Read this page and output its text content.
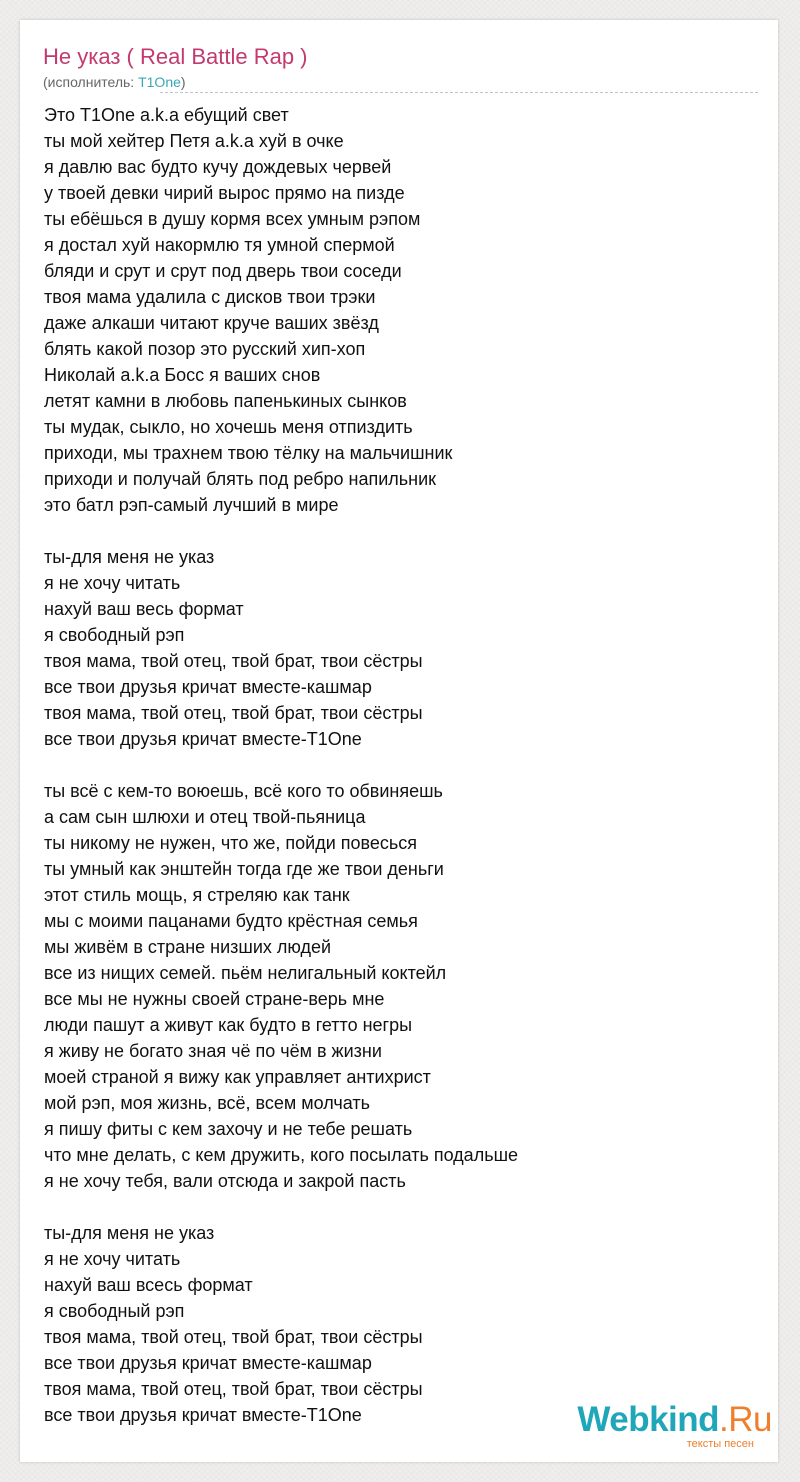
Не указ ( Real Battle Rap )
(исполнитель: T1One)
Это T1One a.k.a ебущий свет
ты мой хейтер Петя a.k.a хуй в очке
я давлю вас будто кучу дождевых червей
у твоей девки чирий вырос прямо на пизде
ты ебёшься в душу кормя всех умным рэпом
я достал хуй накормлю тя умной спермой
бляди и срут и срут под дверь твои соседи
твоя мама удалила с дисков твои трэки
даже алкаши читают круче ваших звёзд
блять какой позор это русский хип-хоп
Николай a.k.a Босс я ваших снов
летят камни в любовь папенькиных сынков
ты мудак, сыкло, но хочешь меня отпиздить
приходи, мы трахнем твою тёлку на мальчишник
приходи и получай блять под ребро напильник
это батл рэп-самый лучший в мире
ты-для меня не указ
я не хочу читать
нахуй ваш весь формат
я свободный рэп
твоя мама, твой отец, твой брат, твои сёстры
все твои друзья кричат вместе-кашмар
твоя мама, твой отец, твой брат, твои сёстры
все твои друзья кричат вместе-T1One
ты всё с кем-то воюешь, всё кого то обвиняешь
а сам сын шлюхи и отец твой-пьяница
ты никому не нужен, что же, пойди повесься
ты умный как энштейн тогда где же твои деньги
этот стиль мощь, я стреляю как танк
мы с моими пацанами будто крёстная семья
мы живём в стране низших людей
все из нищих семей. пьём нелигальный коктейл
все мы не нужны своей стране-верь мне
люди пашут а живут как будто в гетто негры
я живу не богато зная чё по чём в жизни
моей страной я вижу как управляет антихрист
мой рэп, моя жизнь, всё, всем молчать
я пишу фиты с кем захочу и не тебе решать
что мне делать, с кем дружить, кого посылать подальше
я не хочу тебя, вали отсюда и закрой пасть
ты-для меня не указ
я не хочу читать
нахуй ваш всесь формат
я свободный рэп
твоя мама, твой отец, твой брат, твои сёстры
все твои друзья кричат вместе-кашмар
твоя мама, твой отец, твой брат, твои сёстры
все твои друзья кричат вместе-T1One	Webkind.Ru
тексты песен
